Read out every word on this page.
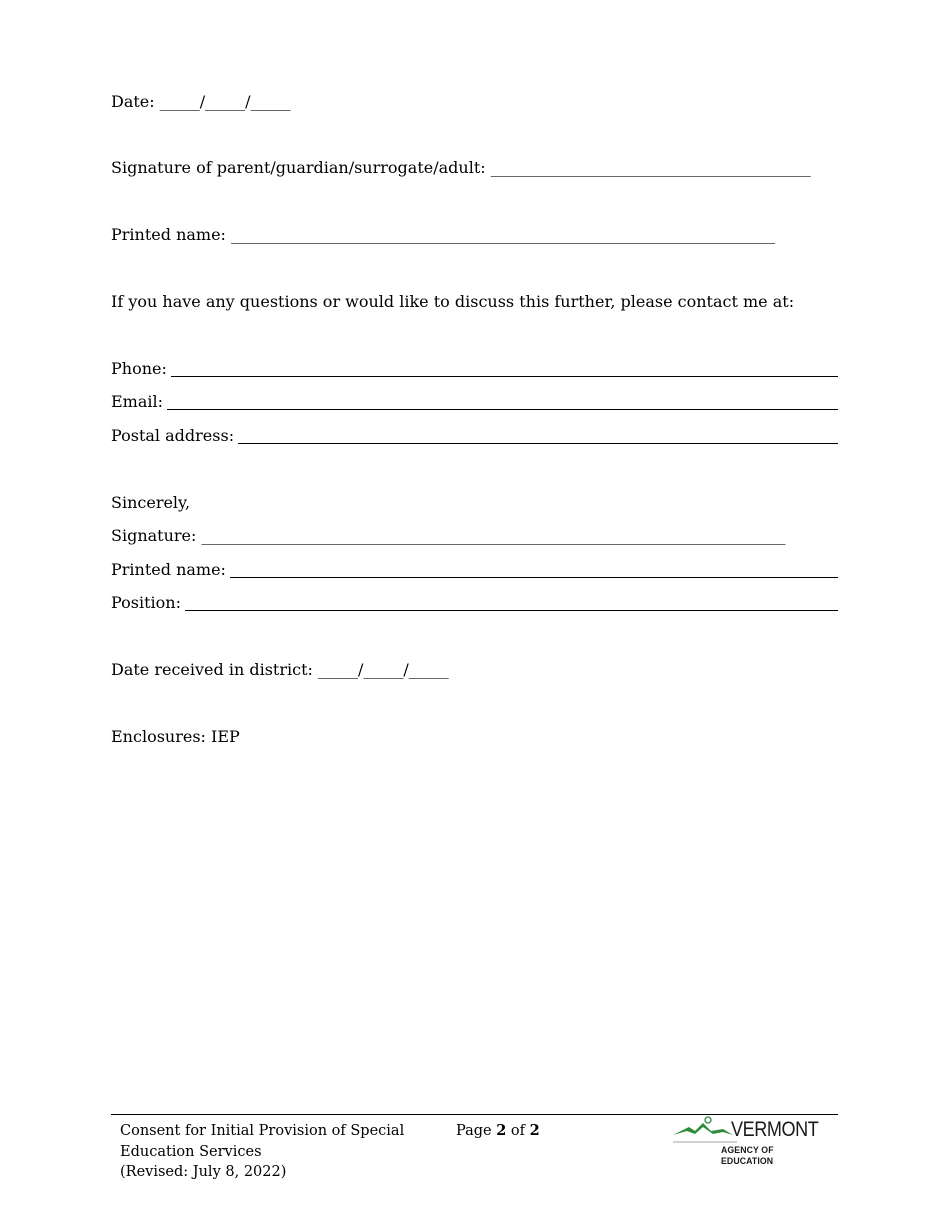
Date: _____/_____/_____
Signature of parent/guardian/surrogate/adult: ________________________________________
Printed name: ____________________________________________________________________
If you have any questions or would like to discuss this further, please contact me at:
Phone:
Email:
Postal address:
Sincerely,
Signature: _________________________________________________________________________
Printed name:
Position:
Date received in district: _____/_____/_____
Enclosures: IEP
Consent for Initial Provision of Special
Education Services
(Revised: July 8, 2022)
Page 2 of 2	VERMONT
AGENCY OF EDUCATION
